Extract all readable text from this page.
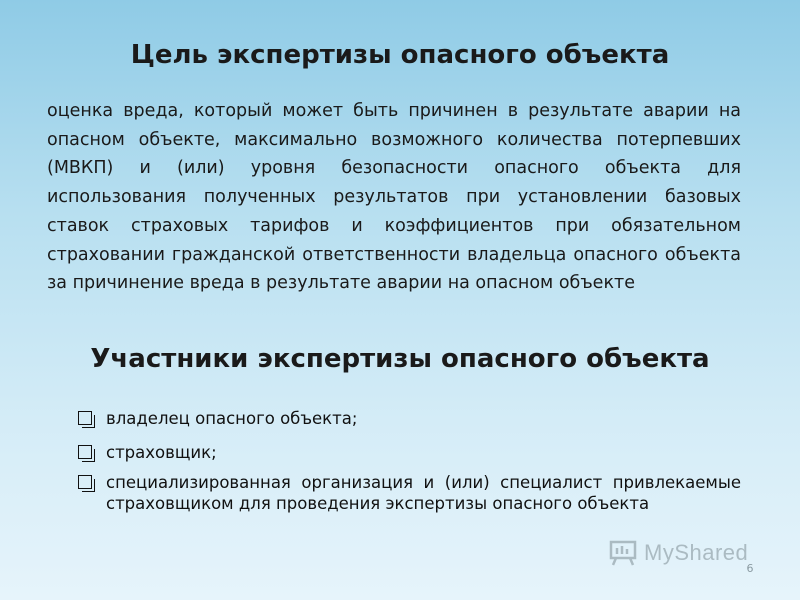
Цель экспертизы опасного объекта
оценка вреда, который может быть причинен в результате аварии на опасном объекте, максимально возможного количества потерпевших (МВКП) и (или) уровня безопасности опасного объекта для использования полученных результатов при установлении базовых ставок страховых тарифов и коэффициентов при обязательном страховании гражданской ответственности владельца опасного объекта за причинение вреда в результате аварии на опасном объекте
Участники экспертизы опасного объекта
владелец опасного объекта;
страховщик;
специализированная организация и (или) специалист привлекаемые страховщиком для проведения экспертизы опасного объекта
MyShared
6
